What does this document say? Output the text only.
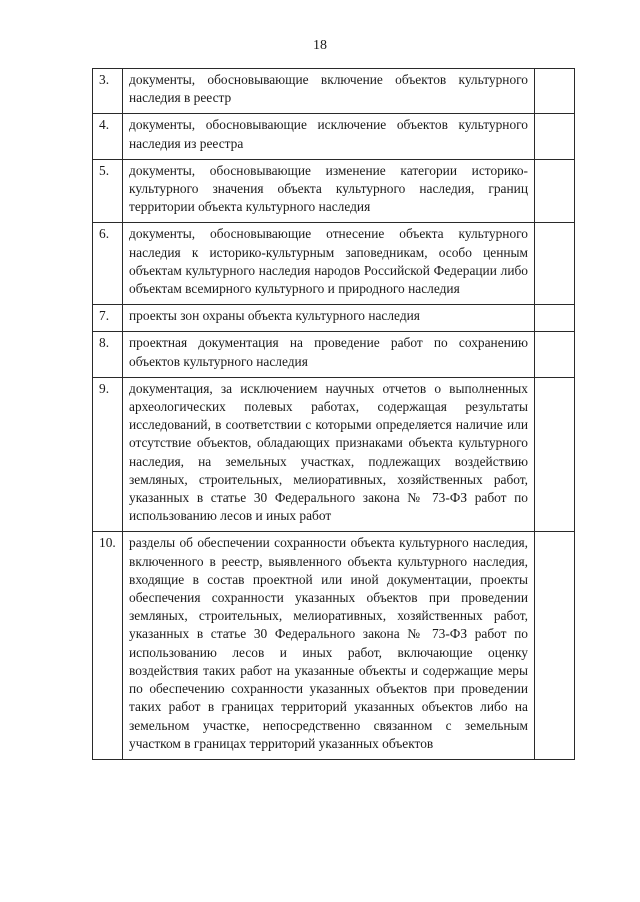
18
3.	документы, обосновывающие включение объектов культурного наследия в реестр	
4.	документы, обосновывающие исключение объектов культурного наследия из реестра	
5.	документы, обосновывающие изменение категории историко-культурного значения объекта культурного наследия, границ территории объекта культурного наследия	
6.	документы, обосновывающие отнесение объекта культурного наследия к историко-культурным заповедникам, особо ценным объектам культурного наследия народов Российской Федерации либо объектам всемирного культурного и природного наследия	
7.	проекты зон охраны объекта культурного наследия	
8.	проектная документация на проведение работ по сохранению объектов культурного наследия	
9.	документация, за исключением научных отчетов о выполненных археологических полевых работах, содержащая результаты исследований, в соответствии с которыми определяется наличие или отсутствие объектов, обладающих признаками объекта культурного наследия, на земельных участках, подлежащих воздействию земляных, строительных, мелиоративных, хозяйственных работ, указанных в статье 30 Федерального закона № 73-ФЗ работ по использованию лесов и иных работ	
10.	разделы об обеспечении сохранности объекта культурного наследия, включенного в реестр, выявленного объекта культурного наследия, входящие в состав проектной или иной документации, проекты обеспечения сохранности указанных объектов при проведении земляных, строительных, мелиоративных, хозяйственных работ, указанных в статье 30 Федерального закона № 73-ФЗ работ по использованию лесов и иных работ, включающие оценку воздействия таких работ на указанные объекты и содержащие меры по обеспечению сохранности указанных объектов при проведении таких работ в границах территорий указанных объектов либо на земельном участке, непосредственно связанном с земельным участком в границах территорий указанных объектов	
